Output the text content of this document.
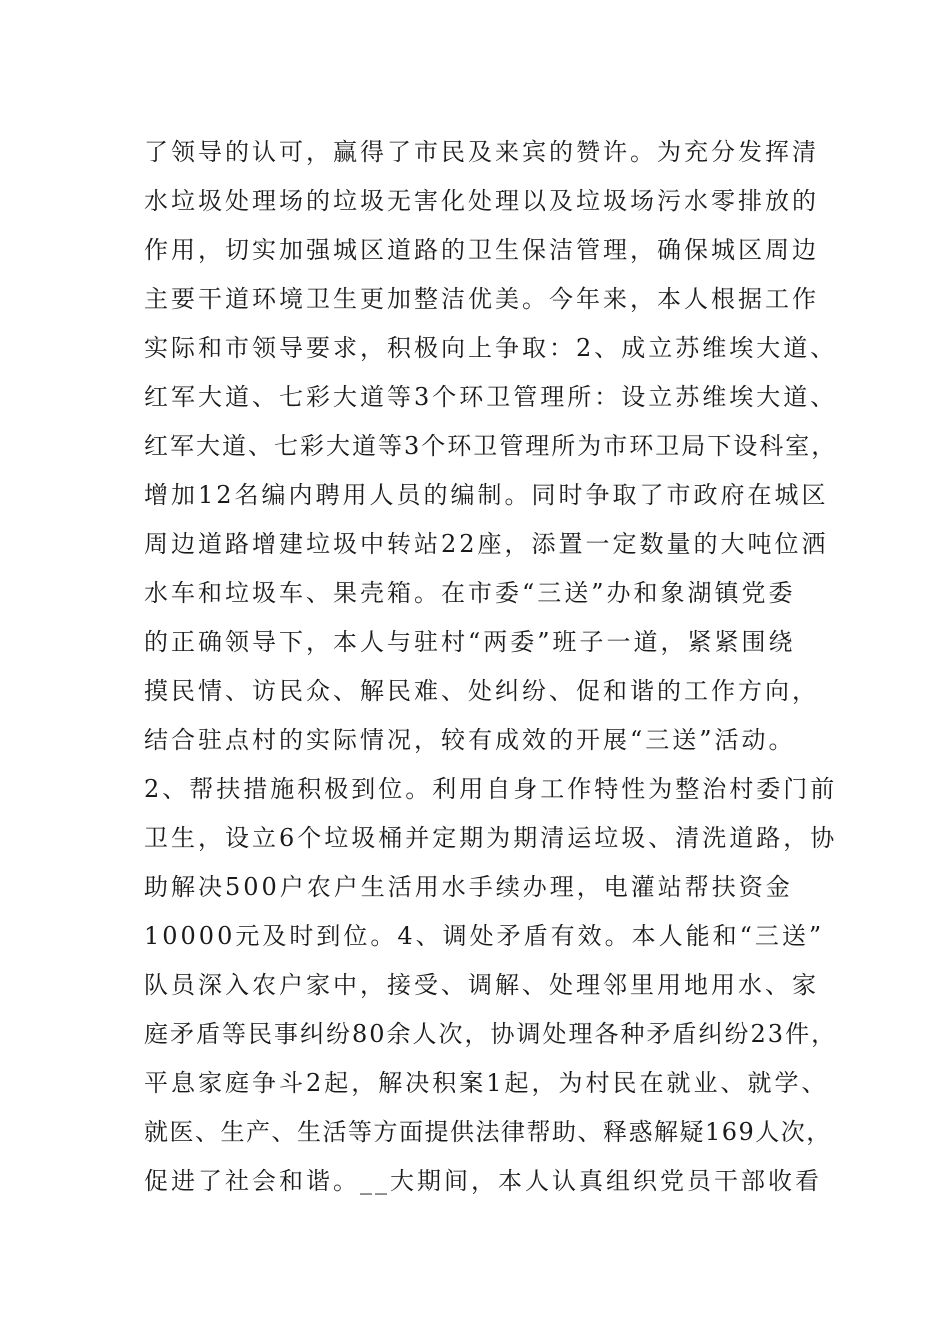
了领导的认可，赢得了市民及来宾的赞许。为充分发挥清
水垃圾处理场的垃圾无害化处理以及垃圾场污水零排放的
作用，切实加强城区道路的卫生保洁管理，确保城区周边
主要干道环境卫生更加整洁优美。今年来，本人根据工作
实际和市领导要求，积极向上争取：2、成立苏维埃大道、
红军大道、七彩大道等3个环卫管理所：设立苏维埃大道、
红军大道、七彩大道等3个环卫管理所为市环卫局下设科室，
增加12名编内聘用人员的编制。同时争取了市政府在城区
周边道路增建垃圾中转站22座，添置一定数量的大吨位洒
水车和垃圾车、果壳箱。在市委“三送”办和象湖镇党委
的正确领导下，本人与驻村“两委”班子一道，紧紧围绕
摸民情、访民众、解民难、处纠纷、促和谐的工作方向，
结合驻点村的实际情况，较有成效的开展“三送”活动。
2、帮扶措施积极到位。利用自身工作特性为整治村委门前
卫生，设立6个垃圾桶并定期为期清运垃圾、清洗道路，协
助解决500户农户生活用水手续办理，电灌站帮扶资金
10000元及时到位。4、调处矛盾有效。本人能和“三送”
队员深入农户家中，接受、调解、处理邻里用地用水、家
庭矛盾等民事纠纷80余人次，协调处理各种矛盾纠纷23件，
平息家庭争斗2起，解决积案1起，为村民在就业、就学、
就医、生产、生活等方面提供法律帮助、释惑解疑169人次，
促进了社会和谐。__大期间，本人认真组织党员干部收看
